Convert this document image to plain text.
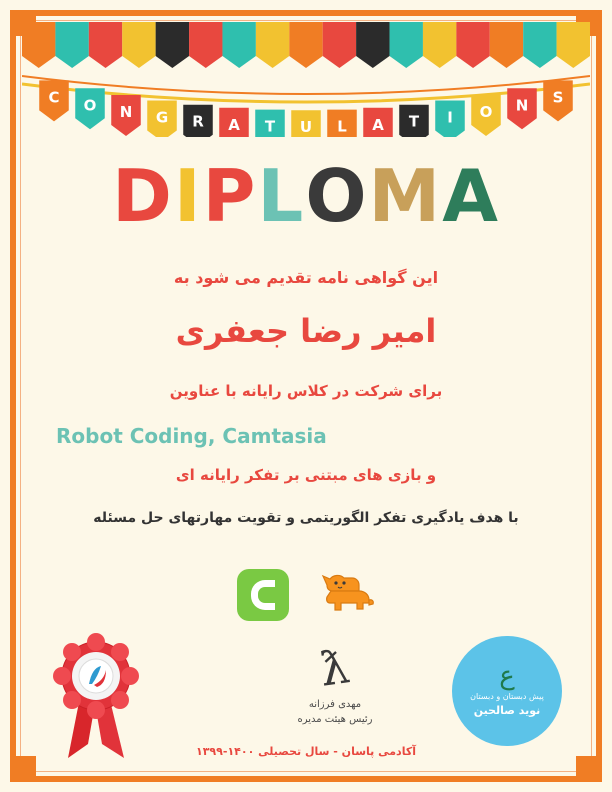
C O N G R A T U L A T I O N S
DIPLOMA
این گواهی نامه تقدیم می شود به
امیر رضا جعفری
برای شرکت در کلاس رایانه با عناوین
Robot Coding, Camtasia
و بازی های مبتنی بر تفکر رایانه ای
با هدف یادگیری تفکر الگوریتمی و تقویت مهارتهای حل مسئله
ƛ
مهدی فرزانه
رئیس هیئت مدیره
ع
پیش دبستان و دبستان
نوید صالحین
آکادمی پاسان - سال تحصیلی ۱۴۰۰-۱۳۹۹
